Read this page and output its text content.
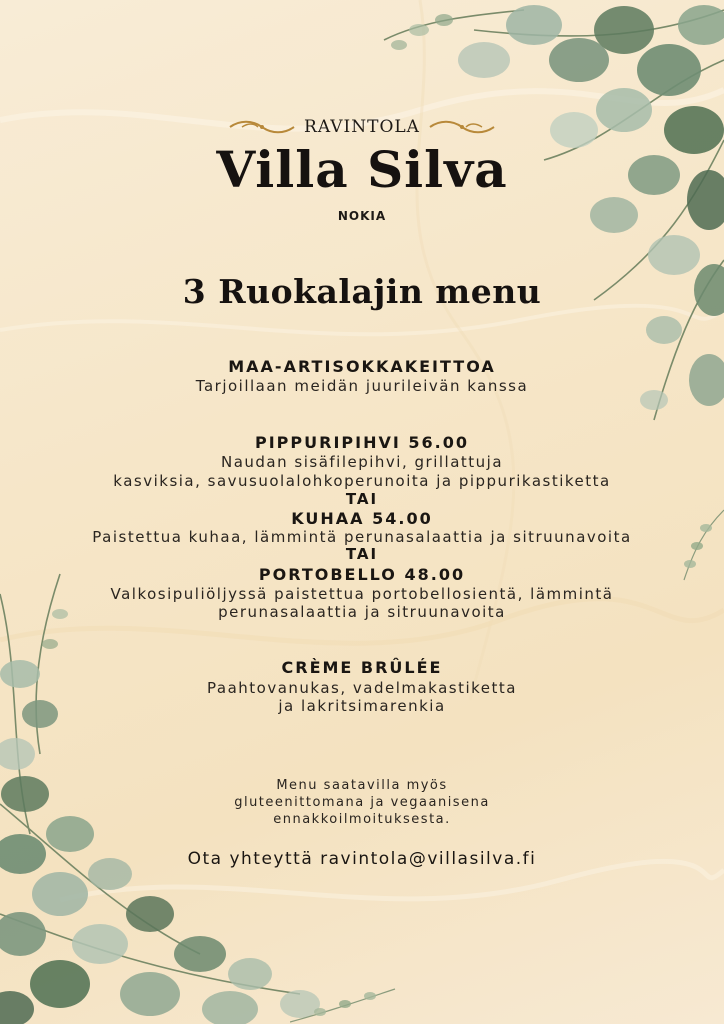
RAVINTOLA
Villa Silva
NOKIA
3 Ruokalajin menu
MAA-ARTISOKKAKEITTOA
Tarjoillaan meidän juurileivän kanssa
PIPPURIPIHVI 56.00
Naudan sisäfilepihvi, grillattuja
kasviksia, savusuolalohkoperunoita ja pippurikastiketta
TAI
KUHAA 54.00
Paistettua kuhaa, lämmintä perunasalaattia ja sitruunavoita
TAI
PORTOBELLO 48.00
Valkosipuliöljyssä paistettua portobellosientä, lämmintä
perunasalaattia ja sitruunavoita
CRÈME BRÛLÉE
Paahtovanukas, vadelmakastiketta
ja lakritsimarenkia
Menu saatavilla myös
gluteenittomana ja vegaanisena
ennakkoilmoituksesta.
Ota yhteyttä ravintola@villasilva.fi
